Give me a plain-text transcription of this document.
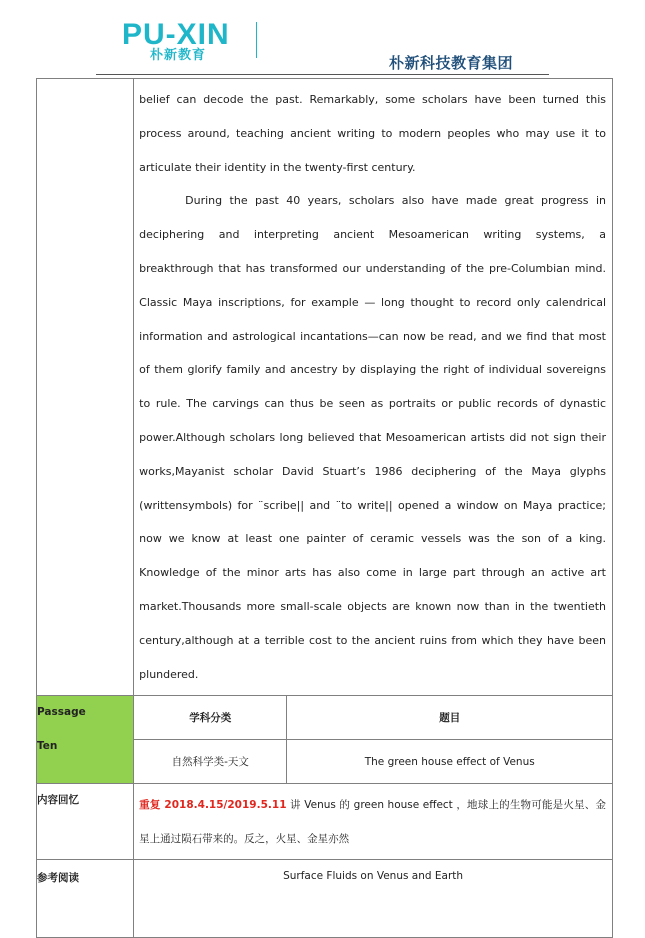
PU-XIN
朴新教育	朴新科技教育集团

	belief can decode the past. Remarkably, some scholars have been turned this process around, teaching ancient writing to modern peoples who may use it to articulate their identity in the twenty-first century.

During the past 40 years, scholars also have made great progress in deciphering and interpreting ancient Mesoamerican writing systems, a breakthrough that has transformed our understanding of the pre-Columbian mind. Classic Maya inscriptions, for example — long thought to record only calendrical information and astrological incantations—can now be read, and we find that most of them glorify family and ancestry by displaying the right of individual sovereigns to rule. The carvings can thus be seen as portraits or public records of dynastic power.Although scholars long believed that Mesoamerican artists did not sign their works,Mayanist scholar David Stuart’s 1986 deciphering of the Maya glyphs (writtensymbols) for ¨scribe|| and ¨to write|| opened a window on Maya practice; now we know at least one painter of ceramic vessels was the son of a king. Knowledge of the minor arts has also come in large part through an active art market.Thousands more small-scale objects are known now than in the twentieth century,although at a terrible cost to the ancient ruins from which they have been plundered.	

Passage
Ten	学科分类	题目
	自然科学类-天文	The green house effect of Venus
内容回忆	重复 2018.4.15/2019.5.11 讲 Venus 的 green house effect ，地球上的生物可能是火星、金星上通过陨石带来的。反之，火星、金星亦然	

参考阅读	Surface Fluids on Venus and Earth	
